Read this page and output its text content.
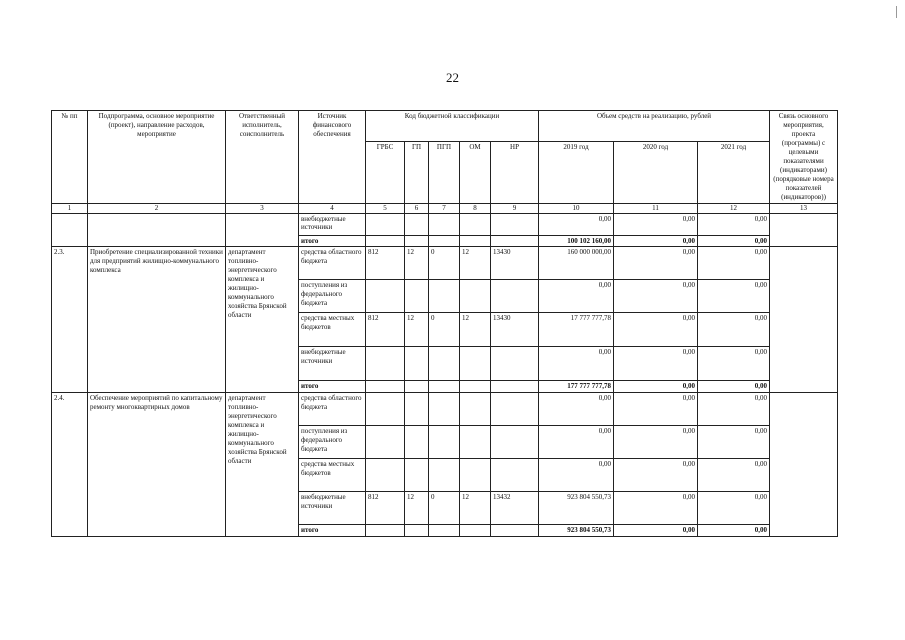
22
№ пп	Подпрограмма, основное мероприятие (проект), направление расходов, мероприятие	Ответственный исполнитель, соисполнитель	Источник финансового обеспечения	Код бюджетной классификации					Объем средств на реализацию, рублей			Связь основного мероприятия, проекта (программы) с целевыми показателями (индикаторами) (порядковые номера показателей (индикаторов))
				ГРБС	ГП	ПГП	ОМ	НР	2019 год	2020 год	2021 год	
1	2	3	4	5	6	7	8	9	10	11	12	13
			внебюджетные источники						0,00	0,00	0,00	
			итого						100 102 160,00	0,00	0,00	
2.3.	Приобретение специализированной техники для предприятий жилищно-коммунального комплекса	департамент топливно-энергетического комплекса и жилищно-коммунального хозяйства Брянской области	средства областного бюджета	812	12	0	12	13430	160 000 000,00	0,00	0,00	
			поступления из федерального бюджета						0,00	0,00	0,00	
			средства местных бюджетов	812	12	0	12	13430	17 777 777,78	0,00	0,00	
			внебюджетные источники						0,00	0,00	0,00	
			итого						177 777 777,78	0,00	0,00	
2.4.	Обеспечение мероприятий по капитальному ремонту многоквартирных домов	департамент топливно-энергетического комплекса и жилищно-коммунального хозяйства Брянской области	средства областного бюджета						0,00	0,00	0,00	
			поступления из федерального бюджета						0,00	0,00	0,00	
			средства местных бюджетов						0,00	0,00	0,00	
			внебюджетные источники	812	12	0	12	13432	923 804 550,73	0,00	0,00	
			итого						923 804 550,73	0,00	0,00	
